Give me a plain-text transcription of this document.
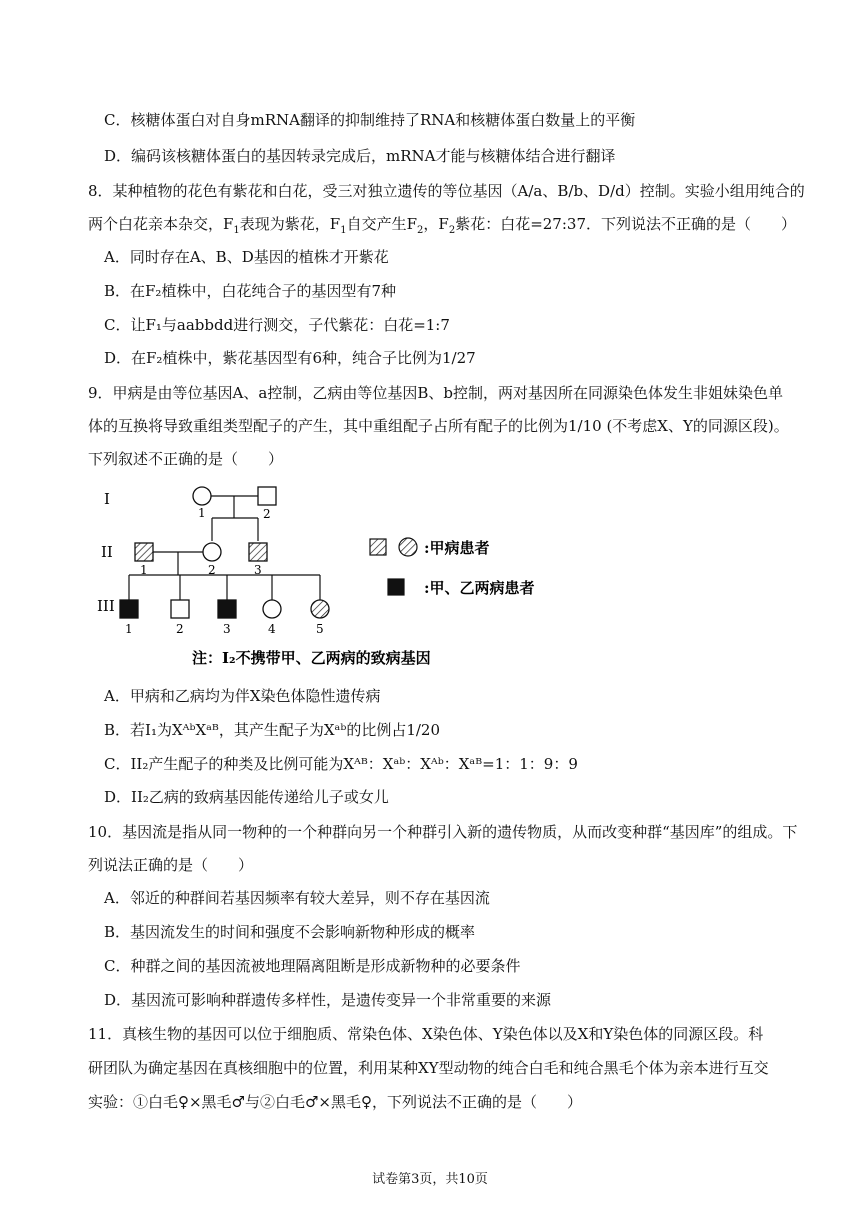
C．核糖体蛋白对自身mRNA翻译的抑制维持了RNA和核糖体蛋白数量上的平衡
D．编码该核糖体蛋白的基因转录完成后，mRNA才能与核糖体结合进行翻译
8．某种植物的花色有紫花和白花，受三对独立遗传的等位基因（A/a、B/b、D/d）控制。实验小组用纯合的
两个白花亲本杂交，$F_1$表现为紫花，$F_1$自交产生$F_2$，$F_2$紫花：白花=27:37．下列说法不正确的是（　　）
A．同时存在A、B、D基因的植株才开紫花
B．在F₂植株中，白花纯合子的基因型有7种
C．让F₁与aabbdd进行测交，子代紫花：白花=1:7
D．在F₂植株中，紫花基因型有6种，纯合子比例为1/27
9．甲病是由等位基因A、a控制，乙病由等位基因B、b控制，两对基因所在同源染色体发生非姐妹染色单
体的互换将导致重组类型配子的产生，其中重组配子占所有配子的比例为1/10 (不考虑X、Y的同源区段)。
下列叙述不正确的是（　　）
I
II
III
1	2
1	2	3
1	2	3	4	5
:甲病患者
:甲、乙两病患者
注：I₂不携带甲、乙两病的致病基因
A．甲病和乙病均为伴X染色体隐性遗传病
B．若I₁为XᴬᵇXᵃᴮ，其产生配子为Xᵃᵇ的比例占1/20
C．II₂产生配子的种类及比例可能为Xᴬᴮ：Xᵃᵇ：Xᴬᵇ：Xᵃᴮ=1：1：9：9
D．II₂乙病的致病基因能传递给儿子或女儿
10．基因流是指从同一物种的一个种群向另一个种群引入新的遗传物质，从而改变种群“基因库”的组成。下
列说法正确的是（　　）
A．邻近的种群间若基因频率有较大差异，则不存在基因流
B．基因流发生的时间和强度不会影响新物种形成的概率
C．种群之间的基因流被地理隔离阻断是形成新物种的必要条件
D．基因流可影响种群遗传多样性，是遗传变异一个非常重要的来源
11．真核生物的基因可以位于细胞质、常染色体、X染色体、Y染色体以及X和Y染色体的同源区段。科
研团队为确定基因在真核细胞中的位置，利用某种XY型动物的纯合白毛和纯合黑毛个体为亲本进行互交
实验：①白毛♀×黑毛♂与②白毛♂×黑毛♀，下列说法不正确的是（　　）
试卷第3页，共10页
